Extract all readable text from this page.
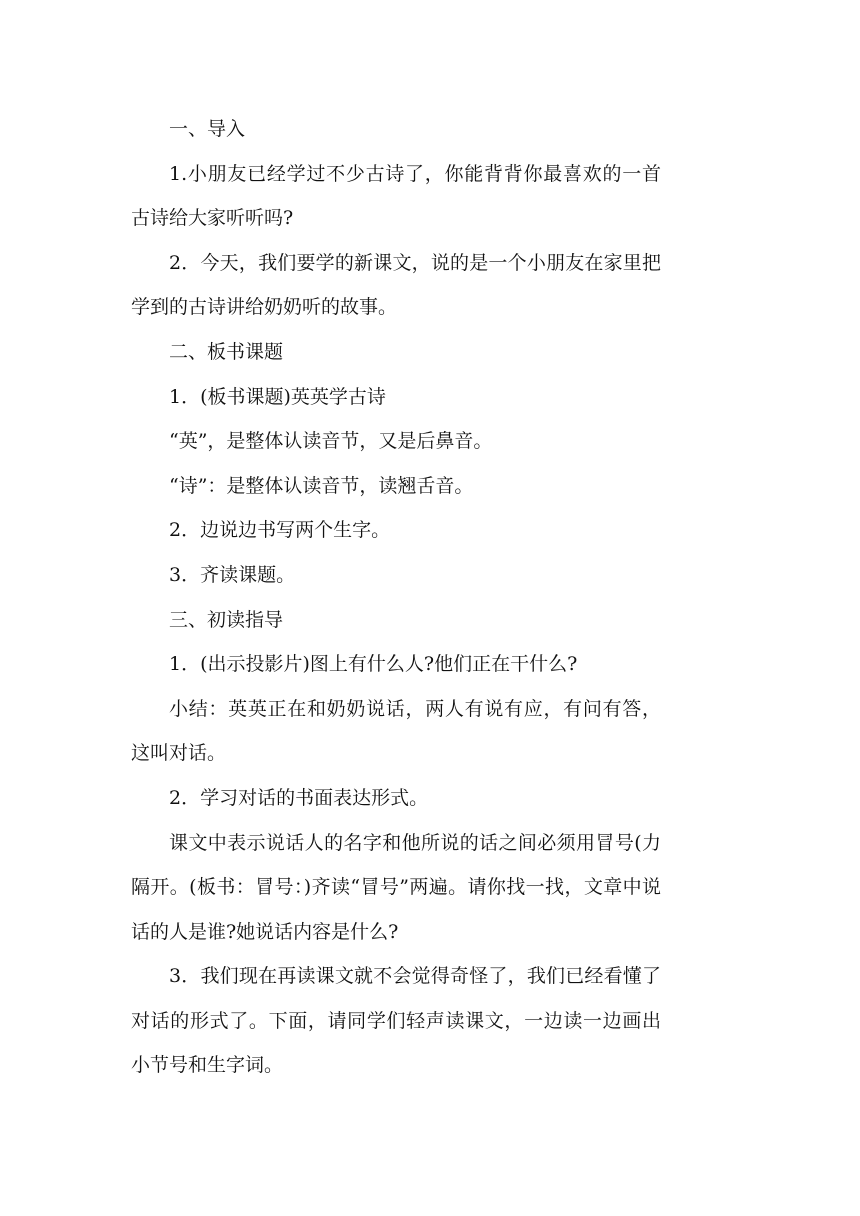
一、导入

1.小朋友已经学过不少古诗了，你能背背你最喜欢的一首古诗给大家听听吗?

2．今天，我们要学的新课文，说的是一个小朋友在家里把学到的古诗讲给奶奶听的故事。

二、板书课题

1．(板书课题)英英学古诗

“英”，是整体认读音节，又是后鼻音。

“诗”：是整体认读音节，读翘舌音。

2．边说边书写两个生字。

3．齐读课题。

三、初读指导

1．(出示投影片)图上有什么人?他们正在干什么?

小结：英英正在和奶奶说话，两人有说有应，有问有答，这叫对话。

2．学习对话的书面表达形式。

课文中表示说话人的名字和他所说的话之间必须用冒号(力隔开。(板书：冒号：)齐读“冒号”两遍。请你找一找，文章中说话的人是谁?她说话内容是什么?

3．我们现在再读课文就不会觉得奇怪了，我们已经看懂了对话的形式了。下面，请同学们轻声读课文，一边读一边画出小节号和生字词。
